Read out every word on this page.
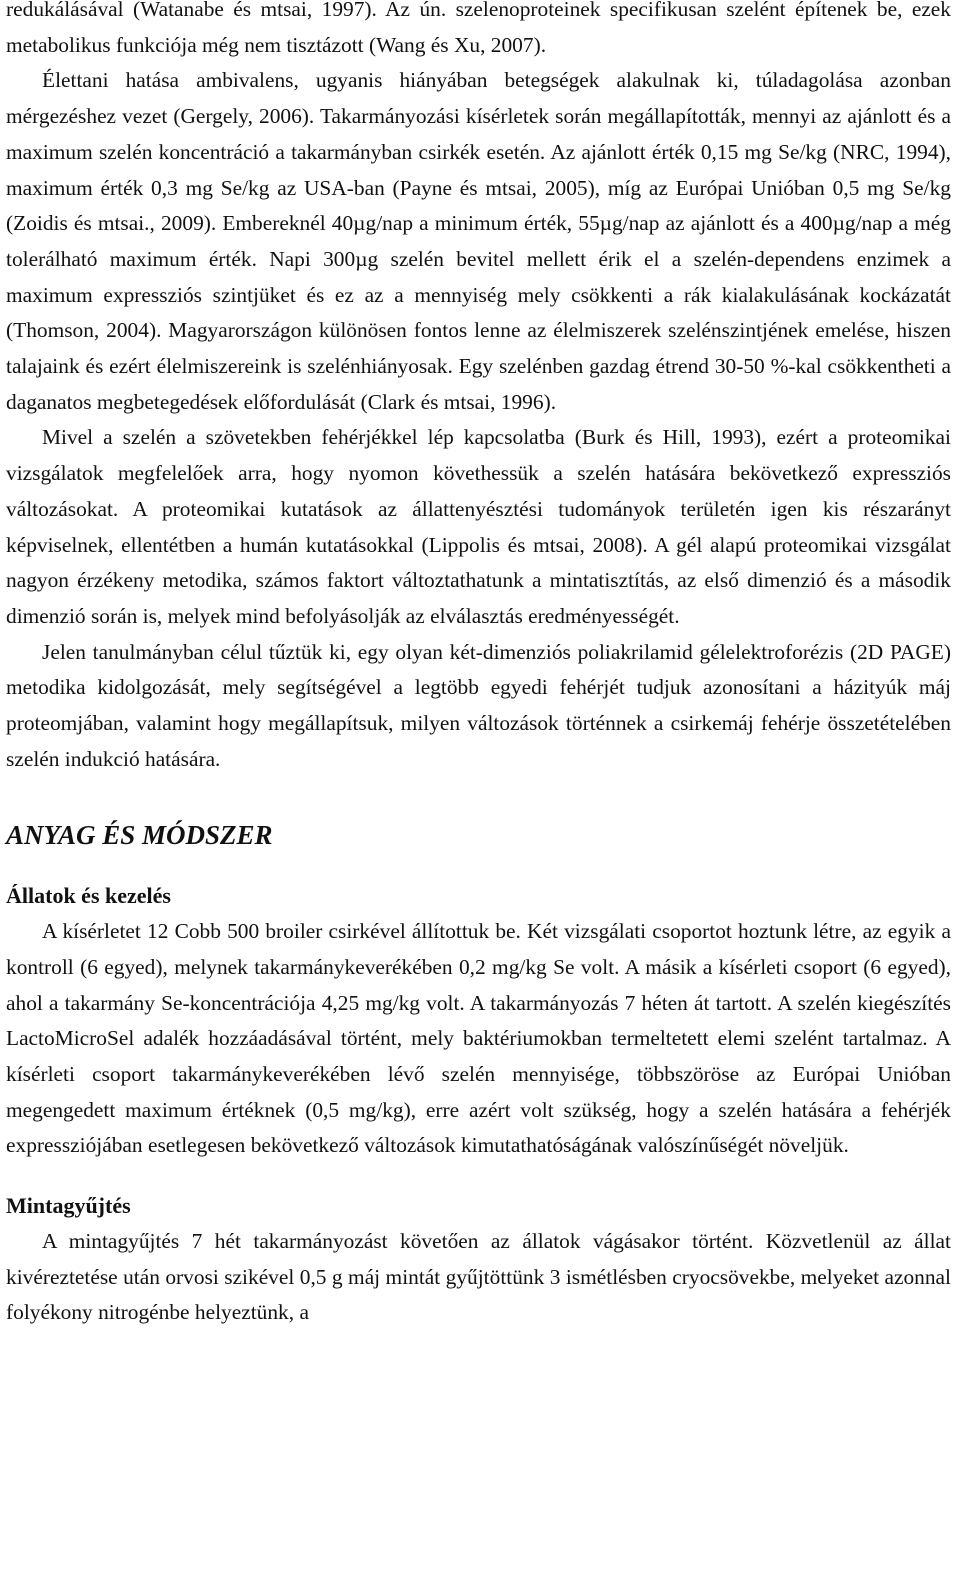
redukálásával (Watanabe és mtsai, 1997). Az ún. szelenoproteinek specifikusan szelént építenek be, ezek metabolikus funkciója még nem tisztázott (Wang és Xu, 2007).

Élettani hatása ambivalens, ugyanis hiányában betegségek alakulnak ki, túladagolása azonban mérgezéshez vezet (Gergely, 2006). Takarmányozási kísérletek során megállapították, mennyi az ajánlott és a maximum szelén koncentráció a takarmányban csirkék esetén. Az ajánlott érték 0,15 mg Se/kg (NRC, 1994), maximum érték 0,3 mg Se/kg az USA-ban (Payne és mtsai, 2005), míg az Európai Unióban 0,5 mg Se/kg (Zoidis és mtsai., 2009). Embereknél 40µg/nap a minimum érték, 55µg/nap az ajánlott és a 400µg/nap a még tolerálható maximum érték. Napi 300µg szelén bevitel mellett érik el a szelén-dependens enzimek a maximum expressziós szintjüket és ez az a mennyiség mely csökkenti a rák kialakulásának kockázatát (Thomson, 2004). Magyarországon különösen fontos lenne az élelmiszerek szelénszintjének emelése, hiszen talajaink és ezért élelmiszereink is szelénhiányosak. Egy szelénben gazdag étrend 30-50 %-kal csökkentheti a daganatos megbetegedések előfordulását (Clark és mtsai, 1996).

Mivel a szelén a szövetekben fehérjékkel lép kapcsolatba (Burk és Hill, 1993), ezért a proteomikai vizsgálatok megfelelőek arra, hogy nyomon követhessük a szelén hatására bekövetkező expressziós változásokat. A proteomikai kutatások az állattenyésztési tudományok területén igen kis részarányt képviselnek, ellentétben a humán kutatásokkal (Lippolis és mtsai, 2008). A gél alapú proteomikai vizsgálat nagyon érzékeny metodika, számos faktort változtathatunk a mintatisztítás, az első dimenzió és a második dimenzió során is, melyek mind befolyásolják az elválasztás eredményességét.

Jelen tanulmányban célul tűztük ki, egy olyan két-dimenziós poliakrilamid gélelektroforézis (2D PAGE) metodika kidolgozását, mely segítségével a legtöbb egyedi fehérjét tudjuk azonosítani a házityúk máj proteomjában, valamint hogy megállapítsuk, milyen változások történnek a csirkemáj fehérje összetételében szelén indukció hatására.

ANYAG ÉS MÓDSZER

Állatok és kezelés

A kísérletet 12 Cobb 500 broiler csirkével állítottuk be. Két vizsgálati csoportot hoztunk létre, az egyik a kontroll (6 egyed), melynek takarmánykeverékében 0,2 mg/kg Se volt. A másik a kísérleti csoport (6 egyed), ahol a takarmány Se-koncentrációja 4,25 mg/kg volt. A takarmányozás 7 héten át tartott. A szelén kiegészítés LactoMicroSel adalék hozzáadásával történt, mely baktériumokban termeltetett elemi szelént tartalmaz. A kísérleti csoport takarmánykeverékében lévő szelén mennyisége, többszöröse az Európai Unióban megengedett maximum értéknek (0,5 mg/kg), erre azért volt szükség, hogy a szelén hatására a fehérjék expressziójában esetlegesen bekövetkező változások kimutathatóságának valószínűségét növeljük.

Mintagyűjtés

A mintagyűjtés 7 hét takarmányozást követően az állatok vágásakor történt. Közvetlenül az állat kivéreztetése után orvosi szikével 0,5 g máj mintát gyűjtöttünk 3 ismétlésben cryocsövekbe, melyeket azonnal folyékony nitrogénbe helyeztünk, a
